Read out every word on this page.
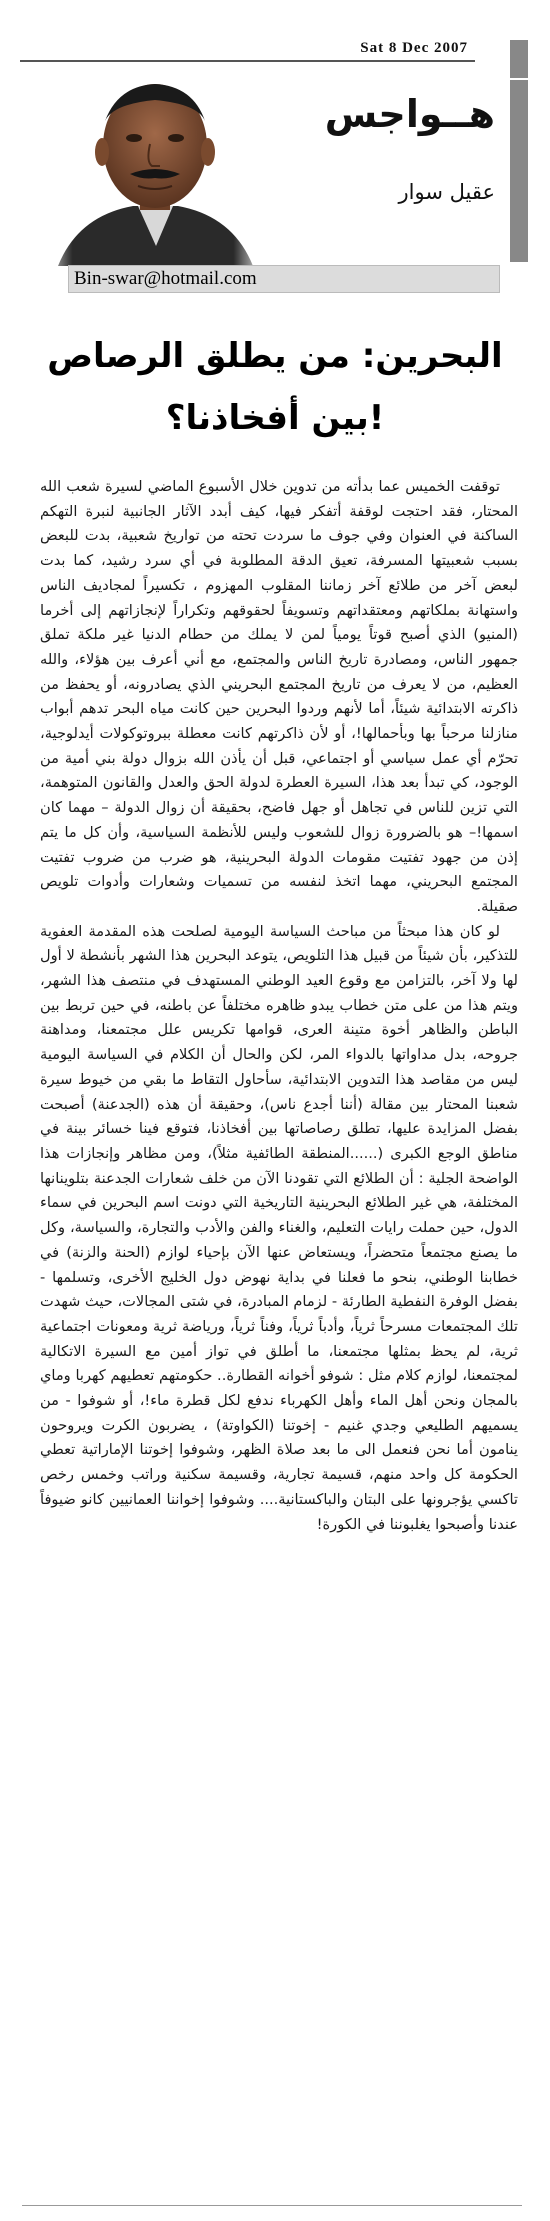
Sat 8 Dec 2007
هــواجس
عقيل سوار
Bin-swar@hotmail.com
البحرين: من يطلق الرصاص
بين أفخاذنا؟!

توقفت الخميس عما بدأته من تدوين خلال الأسبوع الماضي لسيرة شعب الله المحتار، فقد احتجت لوقفة أتفكر فيها، كيف أبدد الآثار الجانبية لنبرة التهكم الساكنة في العنوان وفي جوف ما سردت تحته من تواريخ شعبية، بدت للبعض بسبب شعبيتها المسرفة، تعيق الدقة المطلوبة في أي سرد رشيد، كما بدت لبعض آخر من طلائع آخر زماننا المقلوب المهزوم ، تكسيراً لمجاديف الناس واستهانة بملكاتهم ومعتقداتهم وتسويفاً لحقوقهم وتكراراً لإنجازاتهم إلى أخرما (المنيو) الذي أصبح قوتاً يومياً لمن لا يملك من حطام الدنيا غير ملكة تملق جمهور الناس، ومصادرة تاريخ الناس والمجتمع، مع أني أعرف بين هؤلاء، والله العظيم، من لا يعرف من تاريخ المجتمع البحريني الذي يصادرونه، أو يحفظ من ذاكرته الابتدائية شيئاً، أما لأنهم وردوا البحرين حين كانت مياه البحر تدهم أبواب منازلنا مرحباً بها وبأحمالها!، أو لأن ذاكرتهم كانت معطلة ببروتوكولات أيدلوجية، تحرّم أي عمل سياسي أو اجتماعي، قبل أن يأذن الله بزوال دولة بني أمية من الوجود، كي تبدأ بعد هذا، السيرة العطرة لدولة الحق والعدل والقانون المتوهمة، التي تزين للناس في تجاهل أو جهل فاضح، بحقيقة أن زوال الدولة – مهما كان اسمها!– هو بالضرورة زوال للشعوب وليس للأنظمة السياسية، وأن كل ما يتم إذن من جهود تفتيت مقومات الدولة البحرينية، هو ضرب من ضروب تفتيت المجتمع البحريني، مهما اتخذ لنفسه من تسميات وشعارات وأدوات تلويص صقيلة.

لو كان هذا مبحثاً من مباحث السياسة اليومية لصلحت هذه المقدمة العفوية للتذكير، بأن شيئاً من قبيل هذا التلويص، يتوعد البحرين هذا الشهر بأنشطة لا أول لها ولا آخر، بالتزامن مع وقوع العيد الوطني المستهدف في منتصف هذا الشهر، ويتم هذا من على متن خطاب يبدو ظاهره مختلفاً عن باطنه، في حين تربط بين الباطن والظاهر أخوة متينة العرى، قوامها تكريس علل مجتمعنا، ومداهنة جروحه، بدل مداواتها بالدواء المر، لكن والحال أن الكلام في السياسة اليومية ليس من مقاصد هذا التدوين الابتدائية، سأحاول التقاط ما بقي من خيوط سيرة شعبنا المحتار بين مقالة (أننا أجدع ناس)، وحقيقة أن هذه (الجدعنة) أصبحت بفضل المزايدة عليها، تطلق رصاصاتها بين أفخاذنا، فتوقع فينا خسائر بينة في مناطق الوجع الكبرى (......المنطقة الطائفية مثلاً)، ومن مظاهر وإنجازات هذا الواضحة الجلية : أن الطلائع التي تقودنا الآن من خلف شعارات الجدعنة بتلوينانها المختلفة، هي غير الطلائع البحرينية التاريخية التي دونت اسم البحرين في سماء الدول، حين حملت رايات التعليم، والغناء والفن والأدب والتجارة، والسياسة، وكل ما يصنع مجتمعاً متحضراً، ويستعاض عنها الآن بإحياء لوازم (الحنة والزنة) في خطابنا الوطني، بنحو ما فعلنا في بداية نهوض دول الخليج الأخرى، وتسلمها - بفضل الوفرة النفطية الطارئة - لزمام المبادرة، في شتى المجالات، حيث شهدت تلك المجتمعات مسرحاً ثرياً، وأدباً ثرياً، وفناً ثرياً، ورياضة ثرية ومعونات اجتماعية ثرية، لم يحظ بمثلها مجتمعنا، ما أطلق في تواز أمين مع السيرة الاتكالية لمجتمعنا، لوازم كلام مثل : شوفو أخوانه القطارة.. حكومتهم تعطيهم كهربا وماي بالمجان ونحن أهل الماء وأهل الكهرباء ندفع لكل قطرة ماء!، أو شوفوا - من يسميهم الطليعي وجدي غنيم - إخوتنا (الكواوتة) ، يضربون الكرت ويروحون ينامون أما نحن فنعمل الى ما بعد صلاة الظهر، وشوفوا إخوتنا الإماراتية تعطي الحكومة كل واحد منهم، قسيمة تجارية، وقسيمة سكنية وراتب وخمس رخص تاكسي يؤجرونها على البتان والباكستانية.... وشوفوا إخواننا العمانيين كانو ضيوفاً عندنا وأصبحوا يغلبوننا في الكورة!
